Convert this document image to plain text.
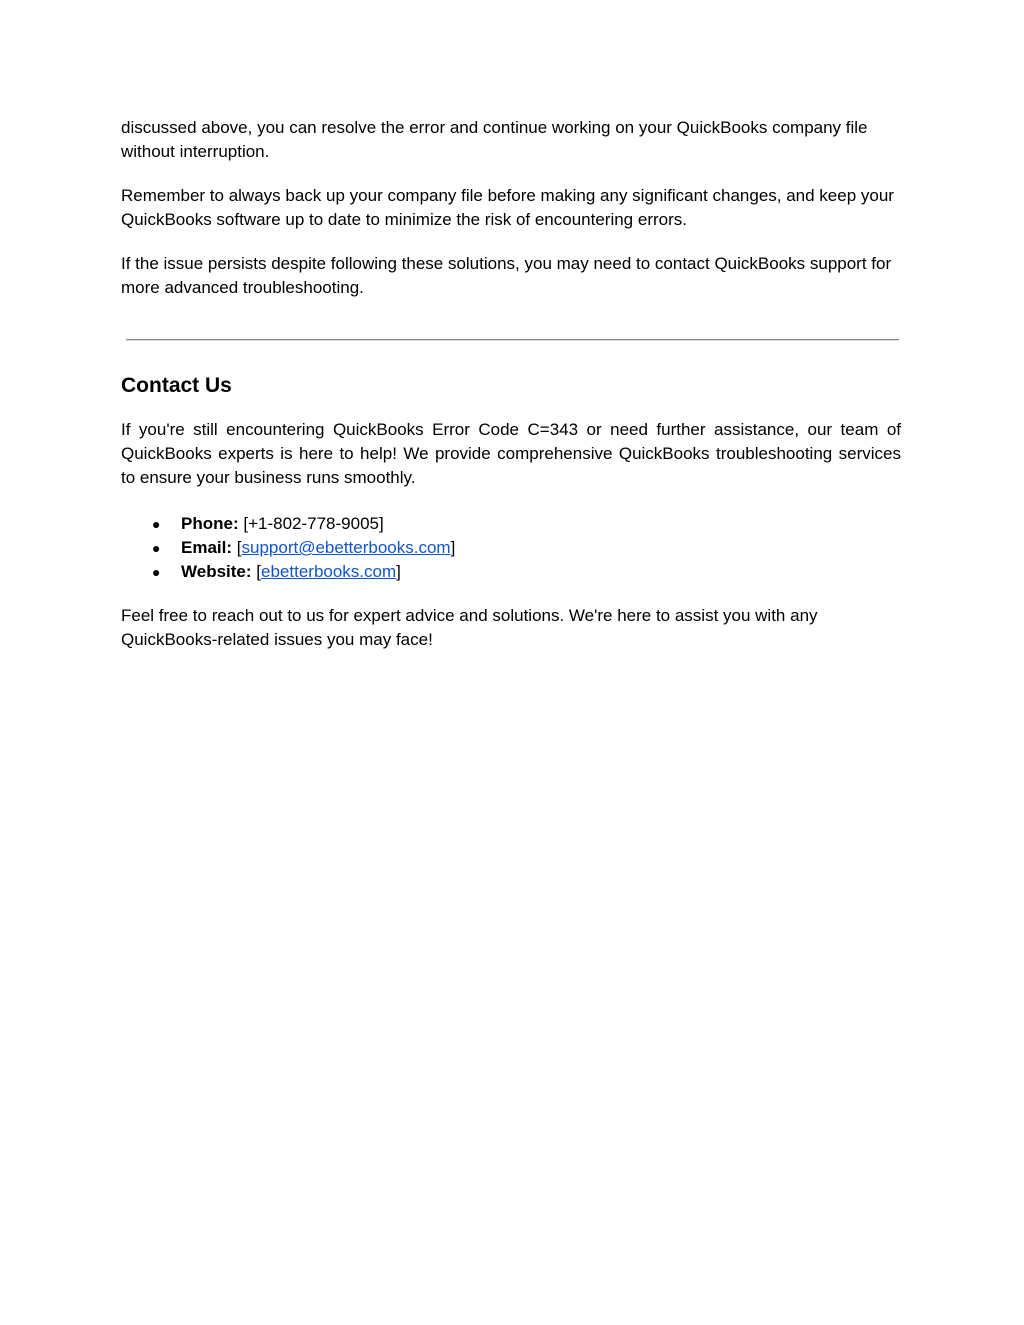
discussed above, you can resolve the error and continue working on your QuickBooks company file without interruption.

Remember to always back up your company file before making any significant changes, and keep your QuickBooks software up to date to minimize the risk of encountering errors.

If the issue persists despite following these solutions, you may need to contact QuickBooks support for more advanced troubleshooting.

Contact Us

If you're still encountering QuickBooks Error Code C=343 or need further assistance, our team of QuickBooks experts is here to help! We provide comprehensive QuickBooks troubleshooting services to ensure your business runs smoothly.

● Phone: [+1-802-778-9005]
● Email: [support@ebetterbooks.com]
● Website: [ebetterbooks.com]

Feel free to reach out to us for expert advice and solutions. We're here to assist you with any QuickBooks-related issues you may face!
